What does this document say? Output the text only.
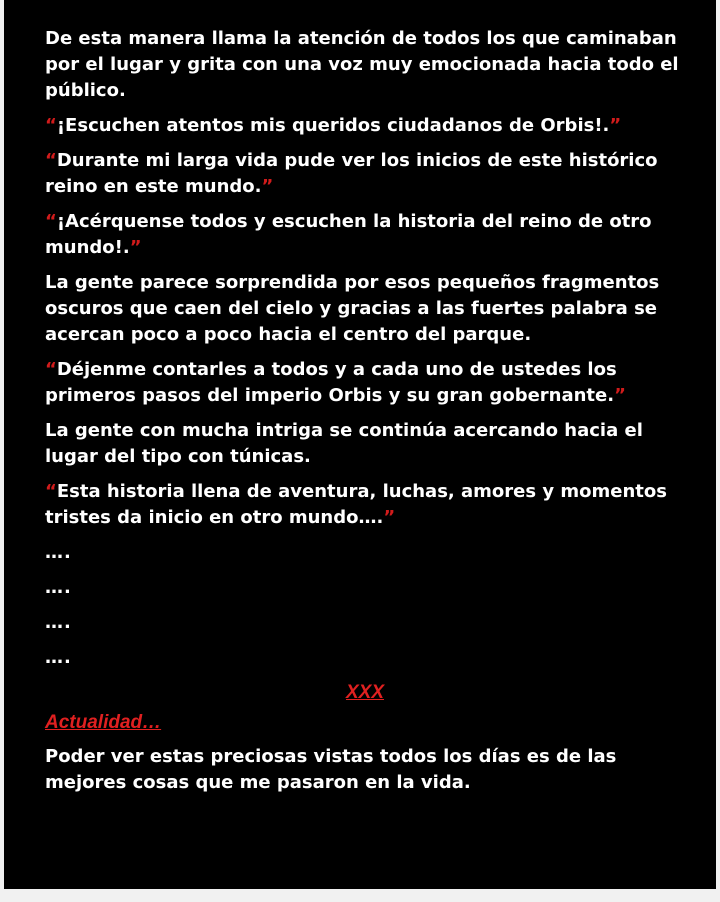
De esta manera llama la atención de todos los que caminaban por el lugar y grita con una voz muy emocionada hacia todo el público.

“¡Escuchen atentos mis queridos ciudadanos de Orbis!.”

“Durante mi larga vida pude ver los inicios de este histórico reino en este mundo.”

“¡Acérquense todos y escuchen la historia del reino de otro mundo!.”

La gente parece sorprendida por esos pequeños fragmentos oscuros que caen del cielo y gracias a las fuertes palabra se acercan poco a poco hacia el centro del parque.

“Déjenme contarles a todos y a cada uno de ustedes los primeros pasos del imperio Orbis y su gran gobernante.”

La gente con mucha intriga se continúa acercando hacia el lugar del tipo con túnicas.

“Esta historia llena de aventura, luchas, amores y momentos tristes da inicio en otro mundo….”

….

….

….

….

XXX

Actualidad…

Poder ver estas preciosas vistas todos los días es de las mejores cosas que me pasaron en la vida.
